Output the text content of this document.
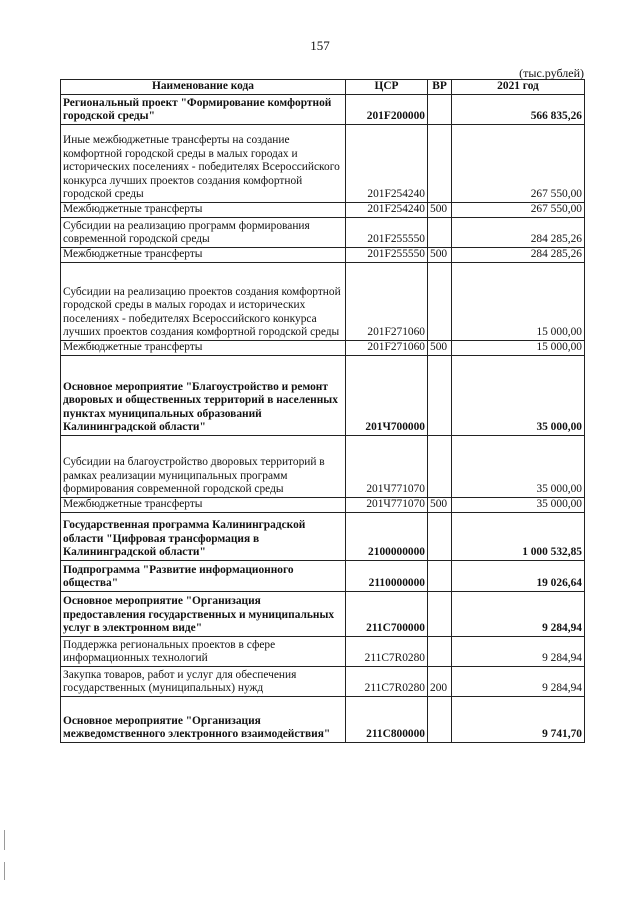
157
(тыс.рублей)
Наименование кода	ЦСР	ВР	2021 год
Региональный проект "Формирование комфортной городской среды"	201F200000		566 835,26
Иные межбюджетные трансферты на создание комфортной городской среды в малых городах и исторических поселениях - победителях Всероссийского конкурса лучших проектов создания комфортной городской среды	201F254240		267 550,00
Межбюджетные трансферты	201F254240	500	267 550,00
Субсидии на реализацию программ формирования современной городской среды	201F255550		284 285,26
Межбюджетные трансферты	201F255550	500	284 285,26
Субсидии на реализацию проектов создания комфортной городской среды в малых городах и исторических поселениях - победителях Всероссийского конкурса лучших проектов создания комфортной городской среды	201F271060		15 000,00
Межбюджетные трансферты	201F271060	500	15 000,00
Основное мероприятие "Благоустройство и ремонт дворовых и общественных территорий в населенных пунктах муниципальных образований Калининградской области"	201Ч700000		35 000,00
Субсидии на благоустройство дворовых территорий в рамках реализации муниципальных программ формирования современной городской среды	201Ч771070		35 000,00
Межбюджетные трансферты	201Ч771070	500	35 000,00
Государственная программа Калининградской области "Цифровая трансформация в Калининградской области"	2100000000		1 000 532,85
Подпрограмма "Развитие информационного общества"	2110000000		19 026,64
Основное мероприятие "Организация предоставления государственных и муниципальных услуг в электронном виде"	211С700000		9 284,94
Поддержка региональных проектов в сфере информационных технологий	211С7R0280		9 284,94
Закупка товаров, работ и услуг для обеспечения государственных (муниципальных) нужд	211С7R0280	200	9 284,94
Основное мероприятие "Организация межведомственного электронного взаимодействия"	211С800000		9 741,70
